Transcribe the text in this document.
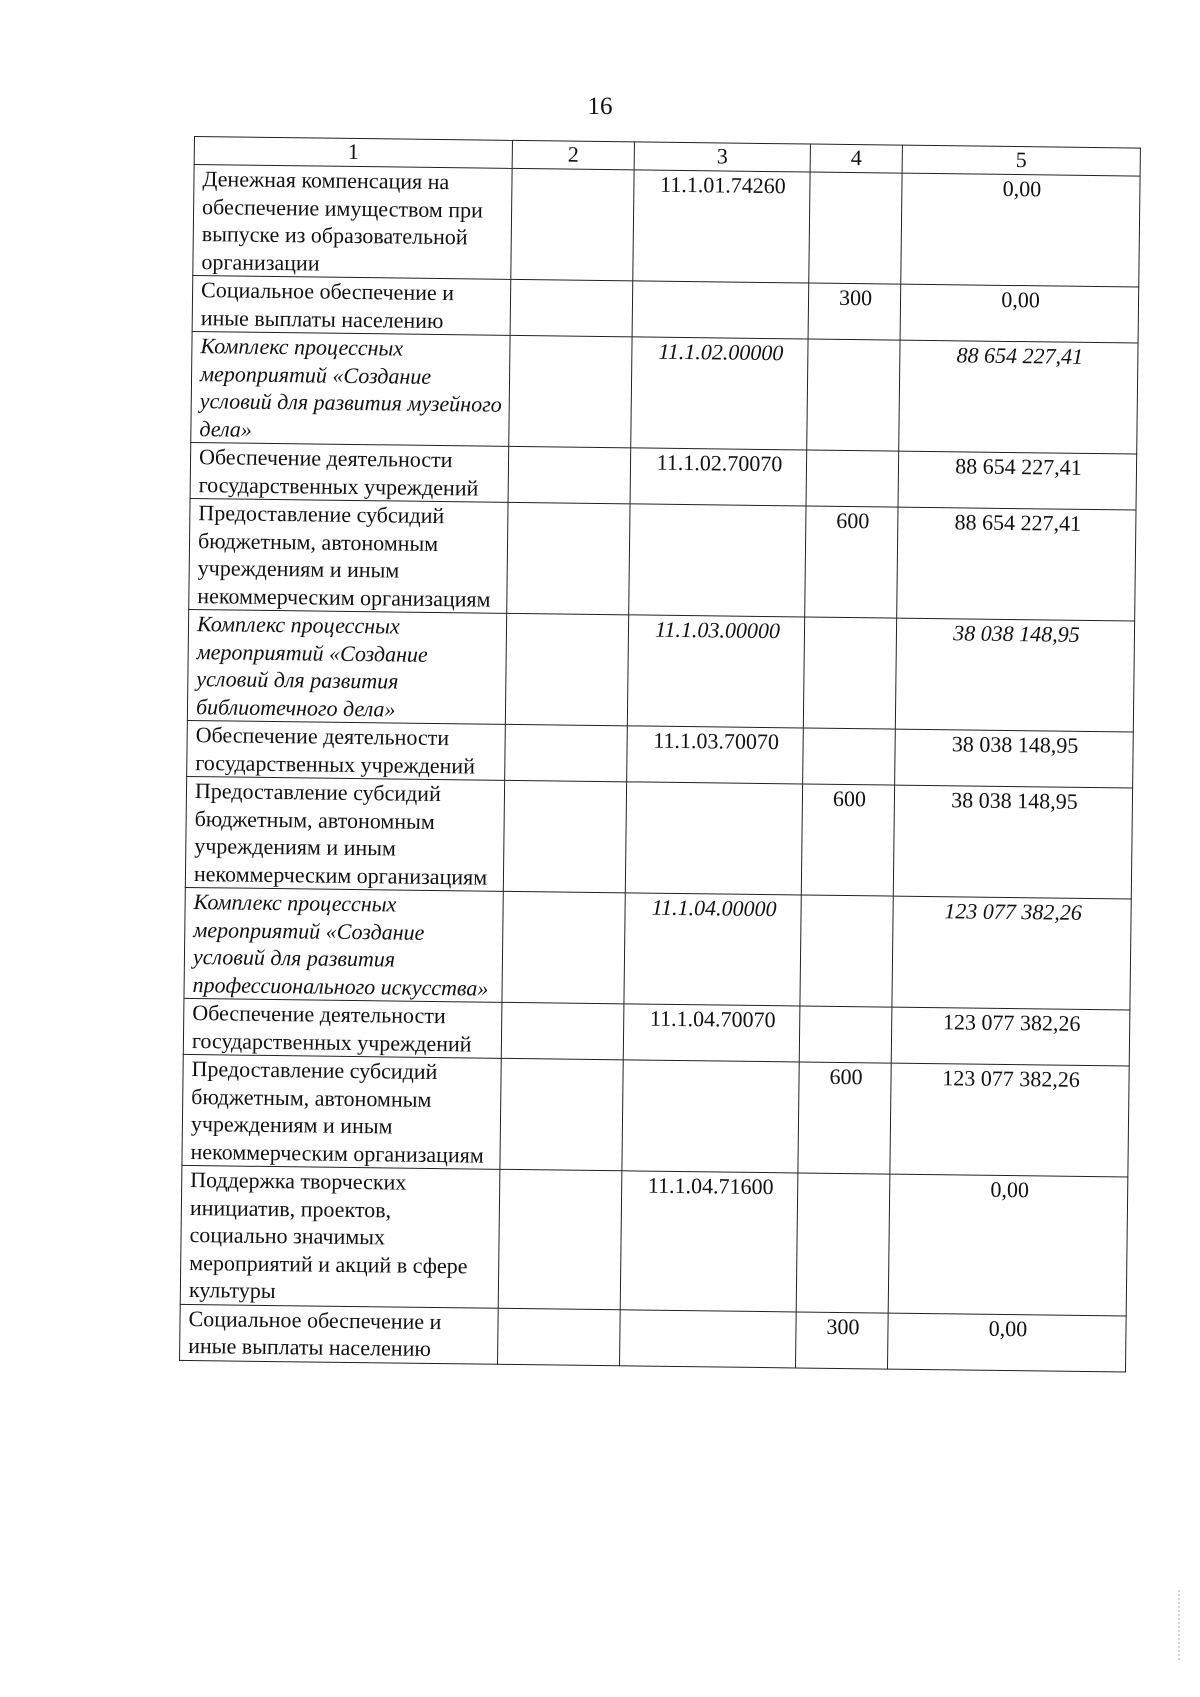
16
1	2	3	4	5
Денежная компенсация на обеспечение имуществом при выпуске из образовательной организации		11.1.01.74260		0,00
Социальное обеспечение и иные выплаты населению			300	0,00
Комплекс процессных мероприятий «Создание условий для развития музейного дела»		11.1.02.00000		88 654 227,41
Обеспечение деятельности государственных учреждений		11.1.02.70070		88 654 227,41
Предоставление субсидий бюджетным, автономным учреждениям и иным некоммерческим организациям			600	88 654 227,41
Комплекс процессных мероприятий «Создание условий для развития библиотечного дела»		11.1.03.00000		38 038 148,95
Обеспечение деятельности государственных учреждений		11.1.03.70070		38 038 148,95
Предоставление субсидий бюджетным, автономным учреждениям и иным некоммерческим организациям			600	38 038 148,95
Комплекс процессных мероприятий «Создание условий для развития профессионального искусства»		11.1.04.00000		123 077 382,26
Обеспечение деятельности государственных учреждений		11.1.04.70070		123 077 382,26
Предоставление субсидий бюджетным, автономным учреждениям и иным некоммерческим организациям			600	123 077 382,26
Поддержка творческих инициатив, проектов, социально значимых мероприятий и акций в сфере культуры		11.1.04.71600		0,00
Социальное обеспечение и иные выплаты населению			300	0,00
